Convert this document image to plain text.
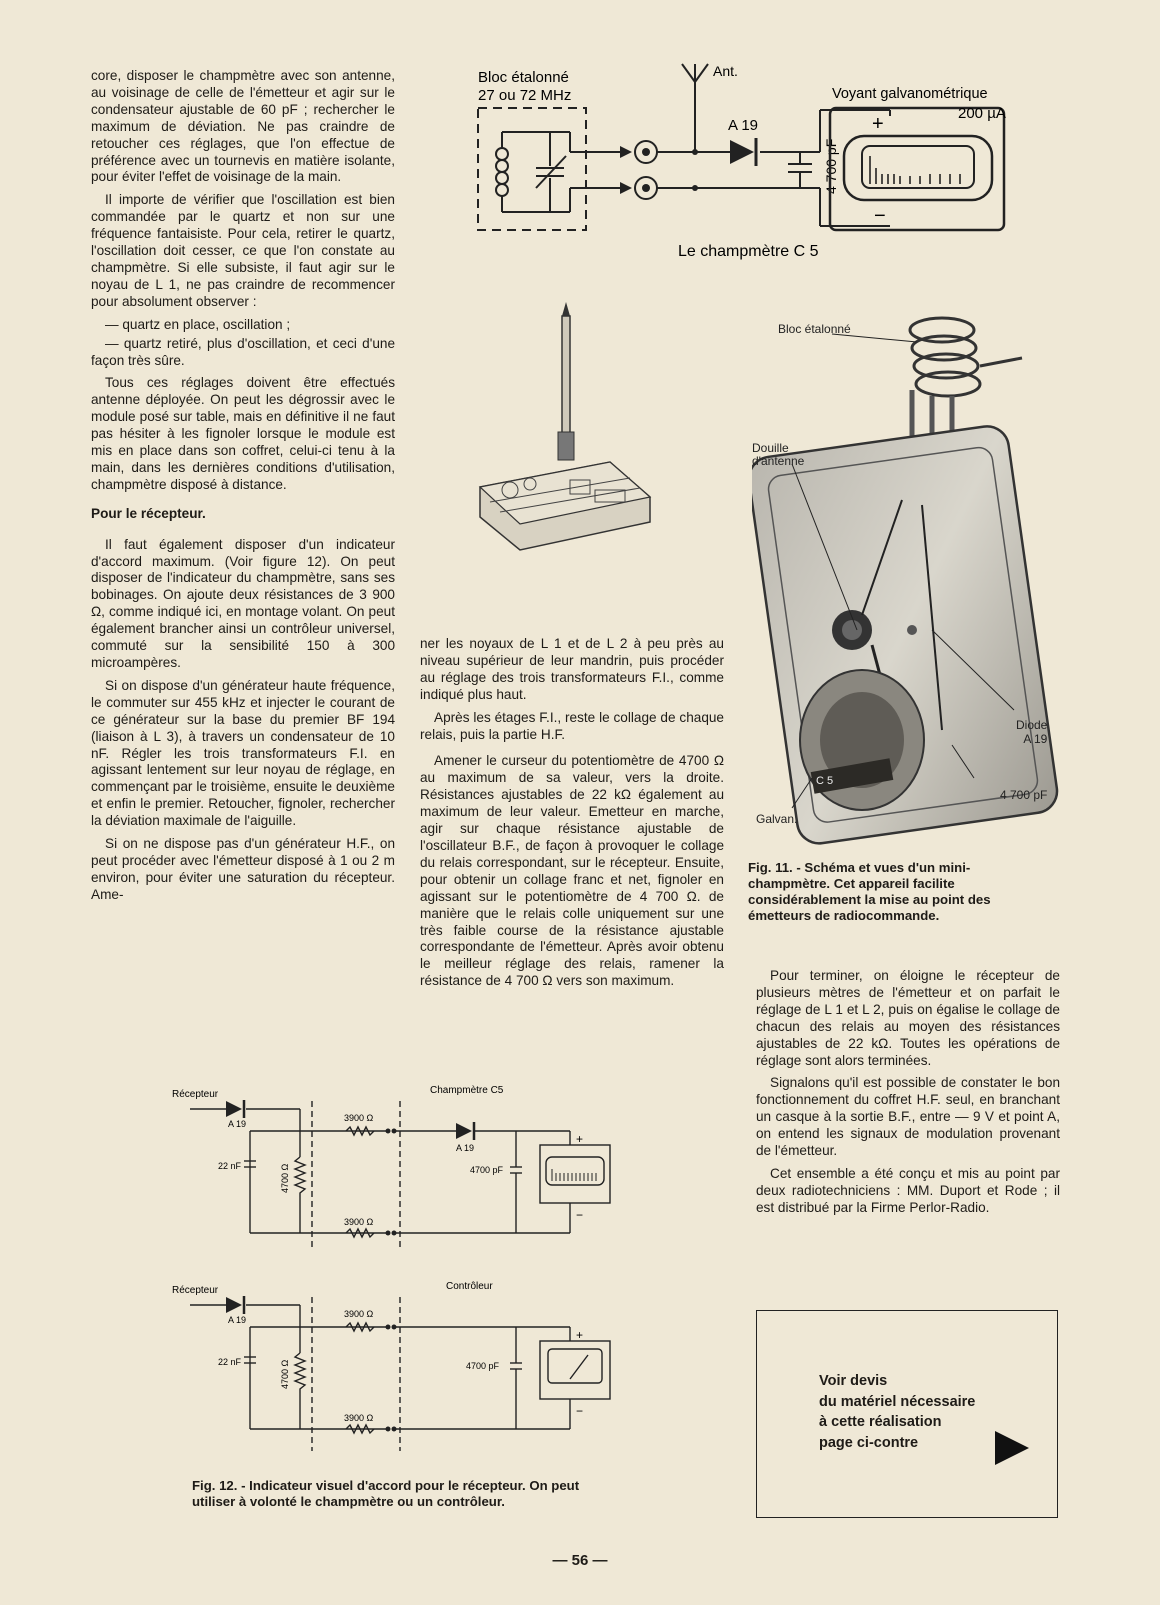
core, disposer le champmètre avec son antenne, au voisinage de celle de l'émetteur et agir sur le condensateur ajustable de 60 pF ; rechercher le maximum de déviation. Ne pas craindre de retoucher ces réglages, que l'on effectue de préférence avec un tournevis en matière isolante, pour éviter l'effet de voisinage de la main.

Il importe de vérifier que l'oscillation est bien commandée par le quartz et non sur une fréquence fantaisiste. Pour cela, retirer le quartz, l'oscillation doit cesser, ce que l'on constate au champmètre. Si elle subsiste, il faut agir sur le noyau de L 1, ne pas craindre de recommencer pour absolument observer :

— quartz en place, oscillation ;

— quartz retiré, plus d'oscillation, et ceci d'une façon très sûre.

Tous ces réglages doivent être effectués antenne déployée. On peut les dégrossir avec le module posé sur table, mais en définitive il ne faut pas hésiter à les fignoler lorsque le module est mis en place dans son coffret, celui-ci tenu à la main, dans les dernières conditions d'utilisation, champmètre disposé à distance.

Pour le récepteur.

Il faut également disposer d'un indicateur d'accord maximum. (Voir figure 12). On peut disposer de l'indicateur du champmètre, sans ses bobinages. On ajoute deux résistances de 3 900 Ω, comme indiqué ici, en montage volant. On peut également brancher ainsi un contrôleur universel, commuté sur la sensibilité 150 à 300 microampères.

Si on dispose d'un générateur haute fréquence, le commuter sur 455 kHz et injecter le courant de ce générateur sur la base du premier BF 194 (liaison à L 3), à travers un condensateur de 10 nF. Régler les trois transformateurs F.I. en agissant lentement sur leur noyau de réglage, en commençant par le troisième, ensuite le deuxième et enfin le premier. Retoucher, fignoler, rechercher la déviation maximale de l'aiguille.

Si on ne dispose pas d'un générateur H.F., on peut procéder avec l'émetteur disposé à 1 ou 2 m environ, pour éviter une saturation du récepteur. Ame-

ner les noyaux de L 1 et de L 2 à peu près au niveau supérieur de leur mandrin, puis procéder au réglage des trois transformateurs F.I., comme indiqué plus haut.

Après les étages F.I., reste le collage de chaque relais, puis la partie H.F.

Amener le curseur du potentiomètre de 4700 Ω au maximum de sa valeur, vers la droite. Résistances ajustables de 22 kΩ également au maximum de leur valeur. Emetteur en marche, agir sur chaque résistance ajustable de l'oscillateur B.F., de façon à provoquer le collage du relais correspondant, sur le récepteur. Ensuite, pour obtenir un collage franc et net, fignoler en agissant sur le potentiomètre de 4 700 Ω. de manière que le relais colle uniquement sur une très faible course de la résistance ajustable correspondante de l'émetteur. Après avoir obtenu le meilleur réglage des relais, ramener la résistance de 4 700 Ω vers son maximum.	Pour terminer, on éloigne le récepteur de plusieurs mètres de l'émetteur et on parfait le réglage de L 1 et L 2, puis on égalise le collage de chacun des relais au moyen des résistances ajustables de 22 kΩ. Toutes les opérations de réglage sont alors terminées.

Signalons qu'il est possible de constater le bon fonctionnement du coffret H.F. seul, en branchant un casque à la sortie B.F., entre — 9 V et point A, on entend les signaux de modulation provenant de l'émetteur.

Cet ensemble a été conçu et mis au point par deux radiotechniciens : MM. Duport et Rode ; il est distribué par la Firme Perlor-Radio.

Bloc étalonné
27 ou 72 MHz
Ant.
A 19
4 700 pF
+
−
Voyant galvanométrique
200 µA
Le champmètre C 5
C 5
Bloc étalonné
Douille
d'antenne
Diode
A 19
4 700 pF
Galvan.
Fig. 11. - Schéma et vues d'un mini-champmètre. Cet appareil facilite considérablement la mise au point des émetteurs de radiocommande.
Récepteur	Champmètre C5
A 19
22 nF	4700 Ω
3900 Ω
3900 Ω
A 19
4700 pF
+
−
Récepteur	Contrôleur
A 19
22 nF	4700 Ω
3900 Ω
3900 Ω
4700 pF
+
−
Fig. 12. - Indicateur visuel d'accord pour le récepteur. On peut utiliser à volonté le champmètre ou un contrôleur.
Voir devis
du matériel nécessaire
à cette réalisation
page ci-contre
— 56 —
